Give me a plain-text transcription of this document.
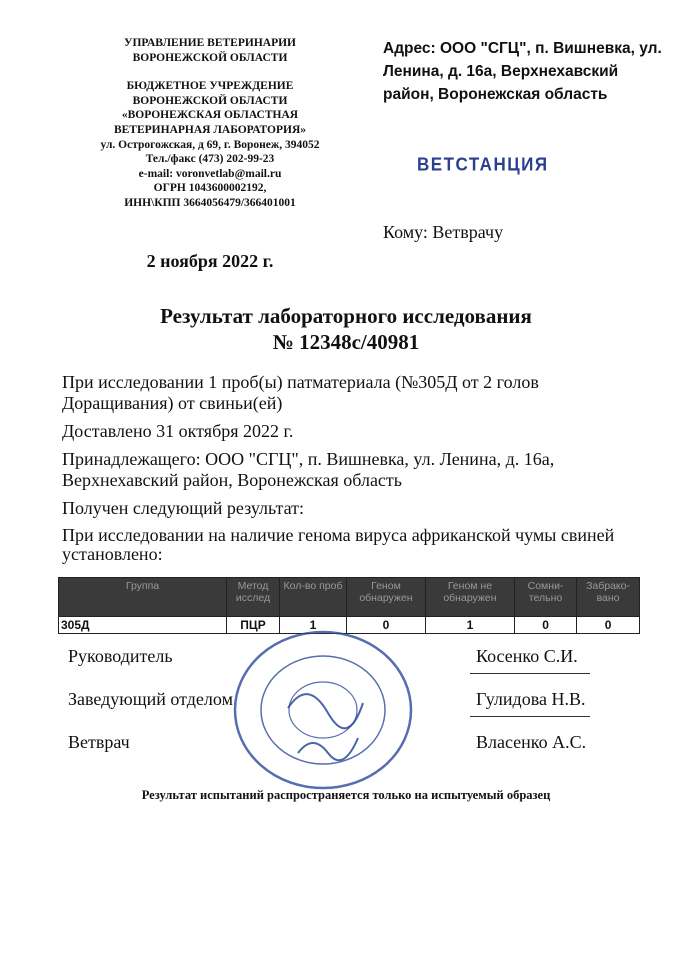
УПРАВЛЕНИЕ ВЕТЕРИНАРИИ
ВОРОНЕЖСКОЙ ОБЛАСТИ
БЮДЖЕТНОЕ УЧРЕЖДЕНИЕ
ВОРОНЕЖСКОЙ ОБЛАСТИ
«ВОРОНЕЖСКАЯ ОБЛАСТНАЯ
ВЕТЕРИНАРНАЯ ЛАБОРАТОРИЯ»
ул. Острогожская, д 69, г. Воронеж, 394052
Тел./факс (473) 202-99-23
e-mail: voronvetlab@mail.ru
ОГРН 1043600002192,
ИНН\КПП 3664056479/366401001
Адрес: ООО "СГЦ", п. Вишневка, ул. Ленина, д. 16а, Верхнехавский район, Воронежская область
ВЕТСТАНЦИЯ
Кому: Ветврачу
2 ноября 2022 г.
Результат лабораторного исследования
№ 12348с/40981

При исследовании 1 проб(ы) патматериала (№305Д от 2 голов Доращивания) от свиньи(ей)

Доставлено 31 октября 2022 г.

Принадлежащего: ООО "СГЦ", п. Вишневка, ул. Ленина, д. 16а, Верхнехавский район, Воронежская область

Получен следующий результат:

При исследовании на наличие генома вируса африканской чумы свиней установлено:

Группа	Метод исслед	Кол-во проб	Геном обнаружен	Геном не обнаружен	Сомни-тельно	Забрако-вано
305Д	ПЦР	1	0	1	0	0
Руководитель	Косенко С.И.
Заведующий отделом	Гулидова Н.В.
Ветврач	Власенко А.С.
Результат испытаний распространяется только на испытуемый образец
